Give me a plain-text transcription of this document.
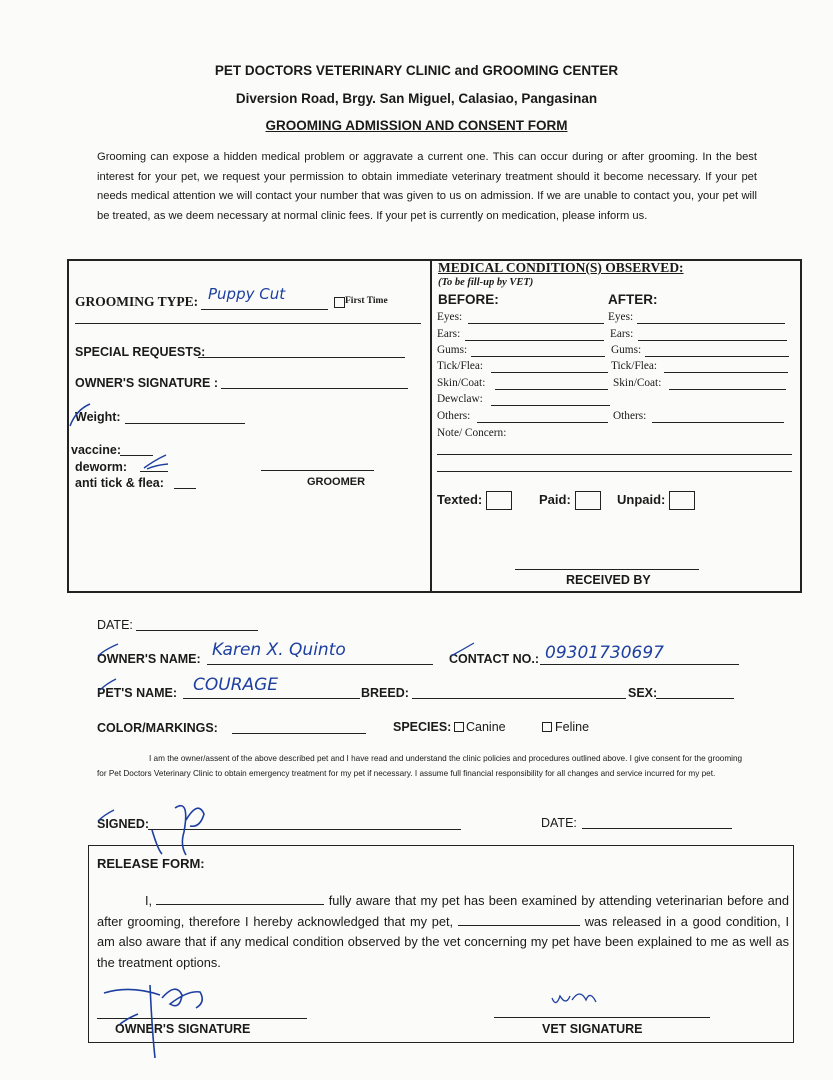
PET DOCTORS VETERINARY CLINIC and GROOMING CENTER
Diversion Road, Brgy. San Miguel, Calasiao, Pangasinan
GROOMING ADMISSION AND CONSENT FORM
Grooming can expose a hidden medical problem or aggravate a current one. This can occur during or after grooming. In the best interest for your pet, we request your permission to obtain immediate veterinary treatment should it become necessary. If your pet needs medical attention we will contact your number that was given to us on admission. If we are unable to contact you, your pet will be treated, as we deem necessary at normal clinic fees. If your pet is currently on medication, please inform us.
GROOMING TYPE: Puppy Cut	First Time
SPECIAL REQUESTS:
OWNER'S SIGNATURE :
Weight:
vaccine:
deworm:
anti tick & flea:	GROOMER
MEDICAL CONDITION(S) OBSERVED:
(To be fill-up by VET)
BEFORE:	AFTER:
Eyes:	Eyes:
Ears:	Ears:
Gums:	Gums:
Tick/Flea:	Tick/Flea:
Skin/Coat:	Skin/Coat:
Dewclaw:
Others:	Others:
Note/ Concern:
Texted:	Paid:	Unpaid:
RECEIVED BY
DATE:
OWNER'S NAME: Karen X. Quinto	CONTACT NO.: 09301730697
PET'S NAME: COURAGE	BREED:	SEX:
COLOR/MARKINGS:	SPECIES: Canine	Feline
I am the owner/assent of the above described pet and I have read and understand the clinic policies and procedures outlined above. I give consent for the grooming for Pet Doctors Veterinary Clinic to obtain emergency treatment for my pet if necessary. I assume full financial responsibility for all changes and service incurred for my pet.
SIGNED:	DATE:
RELEASE FORM:
I,	fully aware that my pet has been examined by attending veterinarian before and after grooming, therefore I hereby acknowledged that my pet,	was released in a good condition, I am also aware that if any medical condition observed by the vet concerning my pet have been explained to me as well as the treatment options.
OWNER'S SIGNATURE	VET SIGNATURE
